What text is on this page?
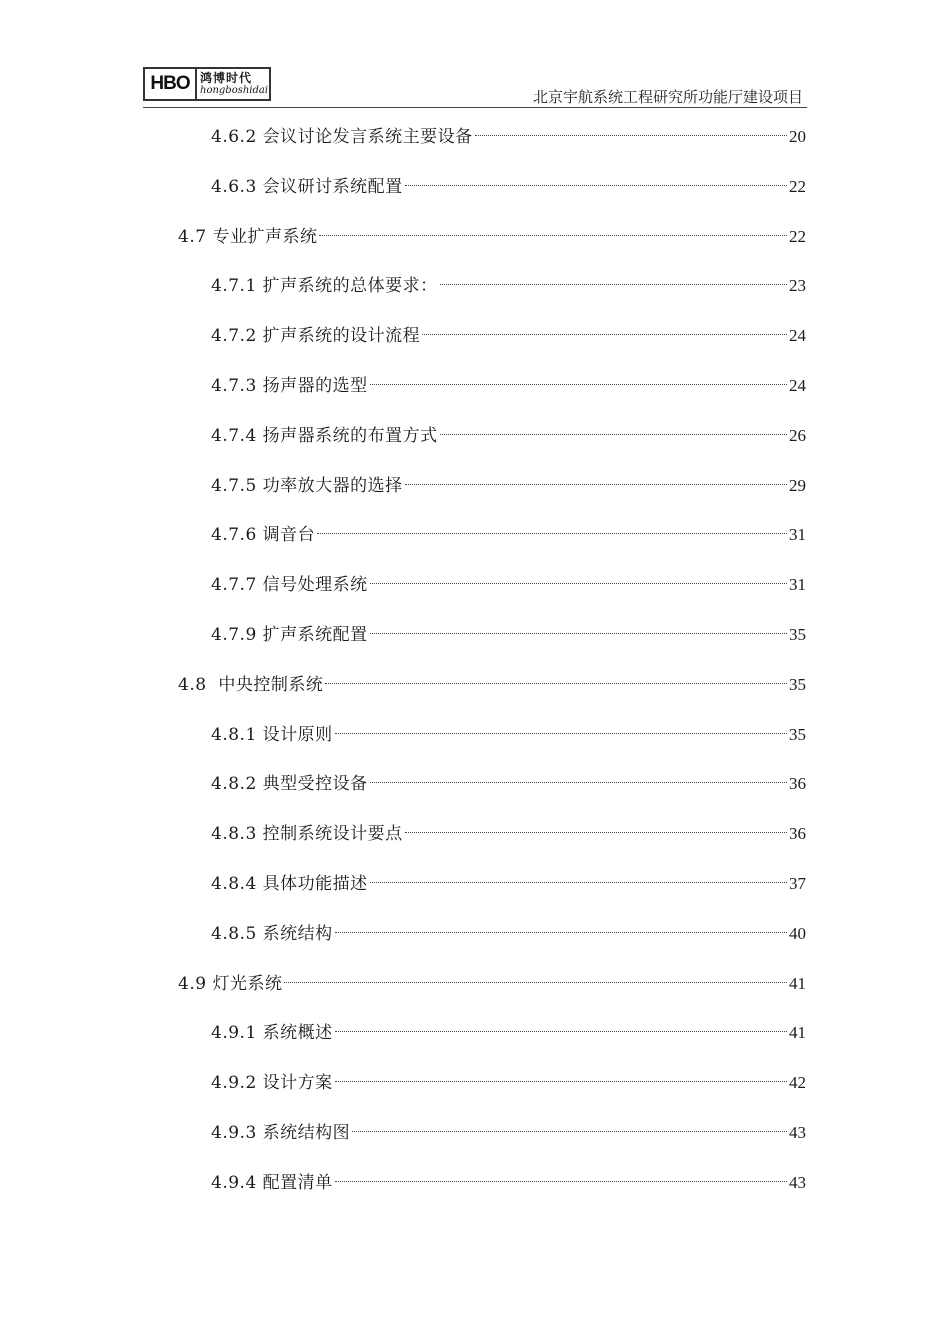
HBO 鸿博时代
hongboshidai	北京宇航系统工程研究所功能厅建设项目
4.6.2 会议讨论发言系统主要设备	20
4.6.3 会议研讨系统配置	22
4.7 专业扩声系统	22
4.7.1 扩声系统的总体要求：	23
4.7.2 扩声系统的设计流程	24
4.7.3 扬声器的选型	24
4.7.4 扬声器系统的布置方式	26
4.7.5 功率放大器的选择	29
4.7.6 调音台	31
4.7.7 信号处理系统	31
4.7.9 扩声系统配置	35
4.8  中央控制系统	35
4.8.1 设计原则	35
4.8.2 典型受控设备	36
4.8.3 控制系统设计要点	36
4.8.4 具体功能描述	37
4.8.5 系统结构	40
4.9 灯光系统	41
4.9.1 系统概述	41
4.9.2 设计方案	42
4.9.3 系统结构图	43
4.9.4 配置清单	43
